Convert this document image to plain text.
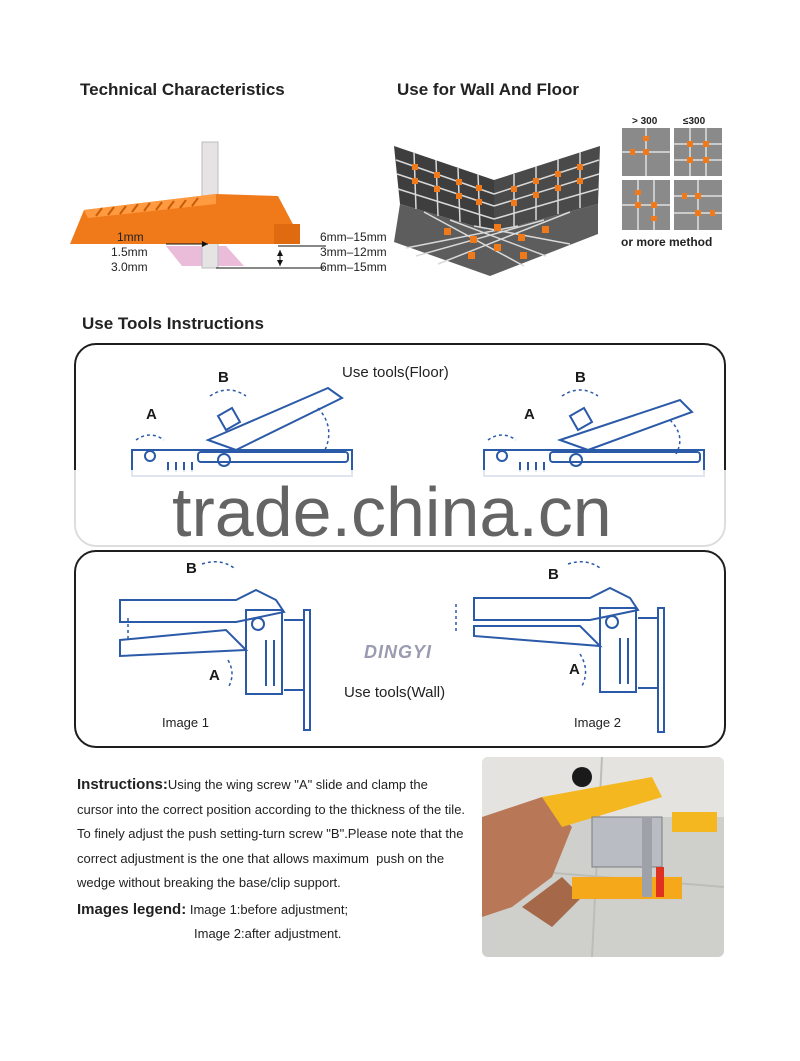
Technical Characteristics	Use for Wall And Floor
1mm
1.5mm
3.0mm
6mm–15mm
3mm–12mm
6mm–15mm
> 300	≤300
or more method
Use Tools Instructions
Use tools(Floor)
A
B
A
B
trade.china.cn
B
A
B
A
DINGYI
Use tools(Wall)
Image 1	Image 2
Instructions:Using the wing screw "A" slide and clamp the
cursor into the correct position according to the thickness of the tile.
To finely adjust the push setting-turn screw "B".Please note that the
correct adjustment is the one that allows maximum  push on the
wedge without breaking the base/clip support.
Images legend: Image 1:before adjustment;
Image 2:after adjustment.
